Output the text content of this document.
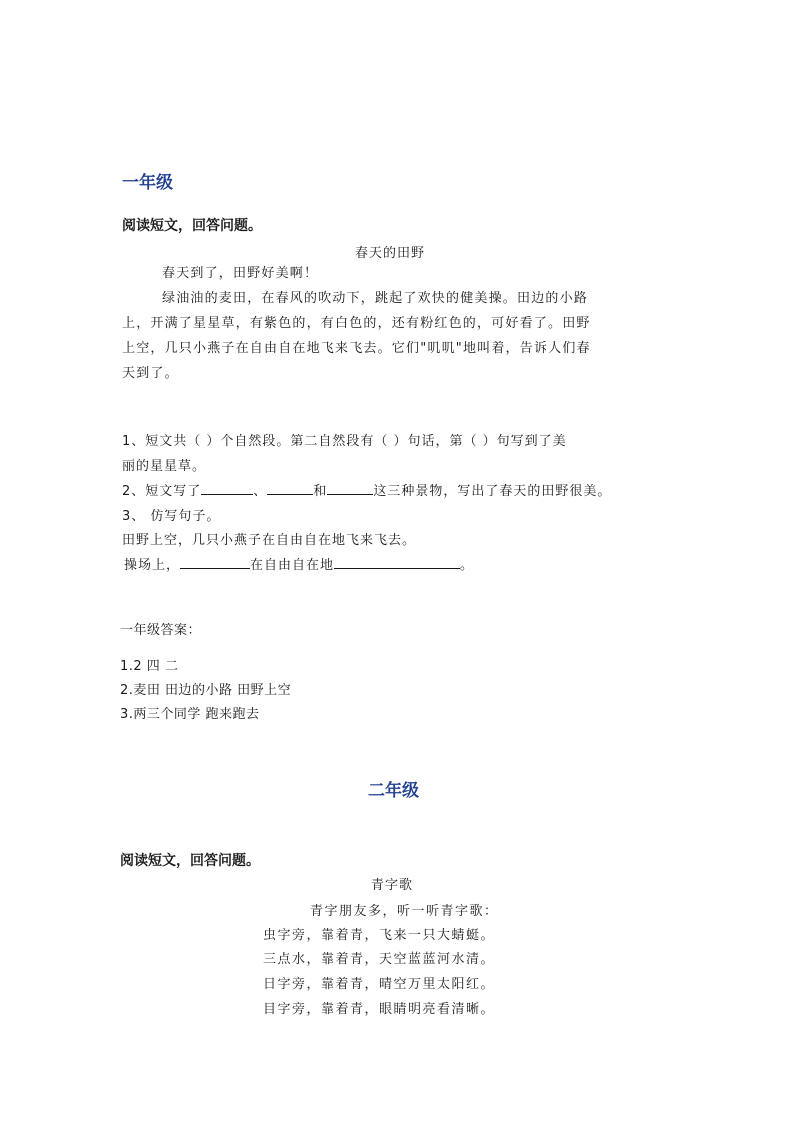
一年级
阅读短文，回答问题。
春天的田野
春天到了，田野好美啊！
绿油油的麦田，在春风的吹动下，跳起了欢快的健美操。田边的小路
上，开满了星星草，有紫色的，有白色的，还有粉红色的，可好看了。田野
上空，几只小燕子在自由自在地飞来飞去。它们"叽叽"地叫着，告诉人们春
天到了。
1、短文共（ ）个自然段。第二自然段有（ ）句话，第（ ）句写到了美
丽的星星草。
2、短文写了	、	和	这三种景物，写出了春天的田野很美。
3、 仿写句子。
田野上空，几只小燕子在自由自在地飞来飞去。
操场上，	在自由自在地	。
一年级答案：
1.2 四 二
2.麦田 田边的小路 田野上空
3.两三个同学 跑来跑去
二年级
阅读短文，回答问题。
青字歌
青字朋友多，听一听青字歌：
虫字旁，靠着青，飞来一只大蜻蜓。
三点水，靠着青，天空蓝蓝河水清。
日字旁，靠着青，晴空万里太阳红。
目字旁，靠着青，眼睛明亮看清晰。
